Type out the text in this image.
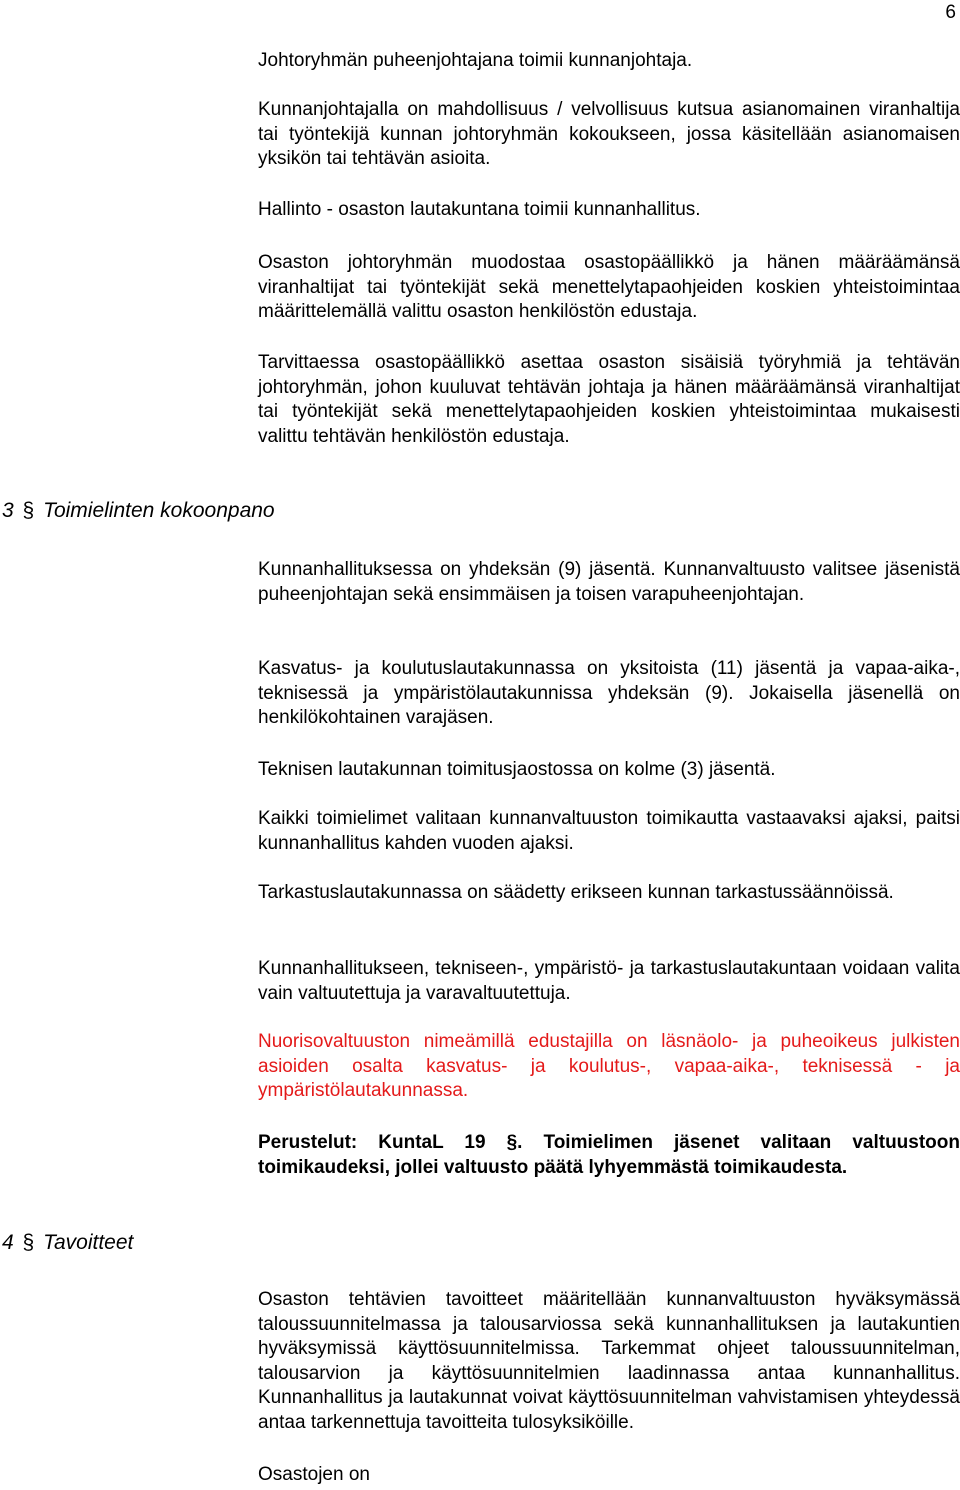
6
Johtoryhmän puheenjohtajana toimii kunnanjohtaja.
Kunnanjohtajalla on mahdollisuus / velvollisuus kutsua asianomainen viranhaltija tai työntekijä kunnan johtoryhmän kokoukseen, jossa käsitellään asianomaisen yksikön tai tehtävän asioita.
Hallinto - osaston lautakuntana toimii kunnanhallitus.
Osaston johtoryhmän muodostaa osastopäällikkö ja hänen määräämänsä viranhaltijat tai työntekijät sekä menettelytapaohjeiden koskien yhteistoimintaa määrittelemällä valittu osaston henkilöstön edustaja.
Tarvittaessa osastopäällikkö asettaa osaston sisäisiä työryhmiä ja tehtävän johtoryhmän, johon kuuluvat tehtävän johtaja ja hänen määräämänsä viranhaltijat tai työntekijät sekä menettelytapaohjeiden koskien yhteistoimintaa mukaisesti valittu tehtävän henkilöstön edustaja.
3 § Toimielinten kokoonpano
Kunnanhallituksessa on yhdeksän (9) jäsentä. Kunnanvaltuusto valitsee jäsenistä puheenjohtajan sekä ensimmäisen ja toisen varapuheenjohtajan.
Kasvatus- ja koulutuslautakunnassa on yksitoista (11) jäsentä ja vapaa-aika-, teknisessä ja ympäristölautakunnissa yhdeksän (9). Jokaisella jäsenellä on henkilökohtainen varajäsen.
Teknisen lautakunnan toimitusjaostossa on kolme (3) jäsentä.
Kaikki toimielimet valitaan kunnanvaltuuston toimikautta vastaavaksi ajaksi, paitsi kunnanhallitus kahden vuoden ajaksi.
Tarkastuslautakunnassa on säädetty erikseen kunnan tarkastussäännöissä.
Kunnanhallitukseen, tekniseen-, ympäristö- ja tarkastuslautakuntaan voidaan valita vain valtuutettuja ja varavaltuutettuja.
Nuorisovaltuuston nimeämillä edustajilla on läsnäolo- ja puheoikeus julkisten asioiden osalta kasvatus- ja koulutus-, vapaa-aika-, teknisessä - ja ympäristölautakunnassa.
Perustelut: KuntaL 19 §. Toimielimen jäsenet valitaan valtuustoon toimikaudeksi, jollei valtuusto päätä lyhyemmästä toimikaudesta.
4 § Tavoitteet
Osaston tehtävien tavoitteet määritellään kunnanvaltuuston hyväksymässä taloussuunnitelmassa ja talousarviossa sekä kunnanhallituksen ja lautakuntien hyväksymissä käyttösuunnitelmissa. Tarkemmat ohjeet taloussuunnitelman, talousarvion ja käyttösuunnitelmien laadinnassa antaa kunnanhallitus. Kunnanhallitus ja lautakunnat voivat käyttösuunnitelman vahvistamisen yhteydessä antaa tarkennettuja tavoitteita tulosyksiköille.
Osastojen on
